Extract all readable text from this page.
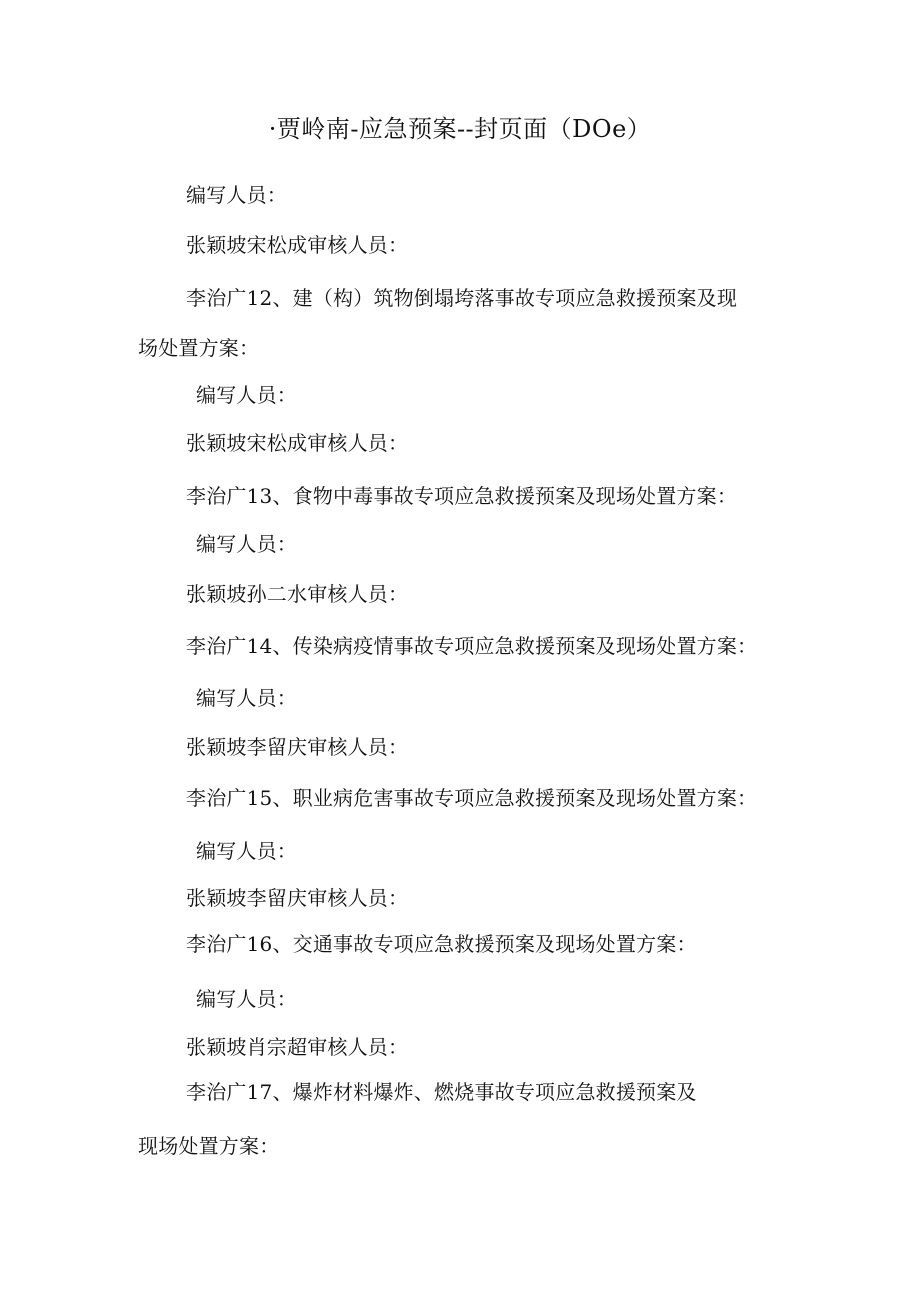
·贾岭南-应急预案--封页面（DOe）
编写人员：
张颖坡宋松成审核人员：
李治广12、建（构）筑物倒塌垮落事故专项应急救援预案及现
场处置方案：
编写人员：
张颖坡宋松成审核人员：
李治广13、食物中毒事故专项应急救援预案及现场处置方案：
编写人员：
张颖坡孙二水审核人员：
李治广14、传染病疫情事故专项应急救援预案及现场处置方案：
编写人员：
张颖坡李留庆审核人员：
李治广15、职业病危害事故专项应急救援预案及现场处置方案：
编写人员：
张颖坡李留庆审核人员：
李治广16、交通事故专项应急救援预案及现场处置方案：
编写人员：
张颖坡肖宗超审核人员：
李治广17、爆炸材料爆炸、燃烧事故专项应急救援预案及
现场处置方案：
